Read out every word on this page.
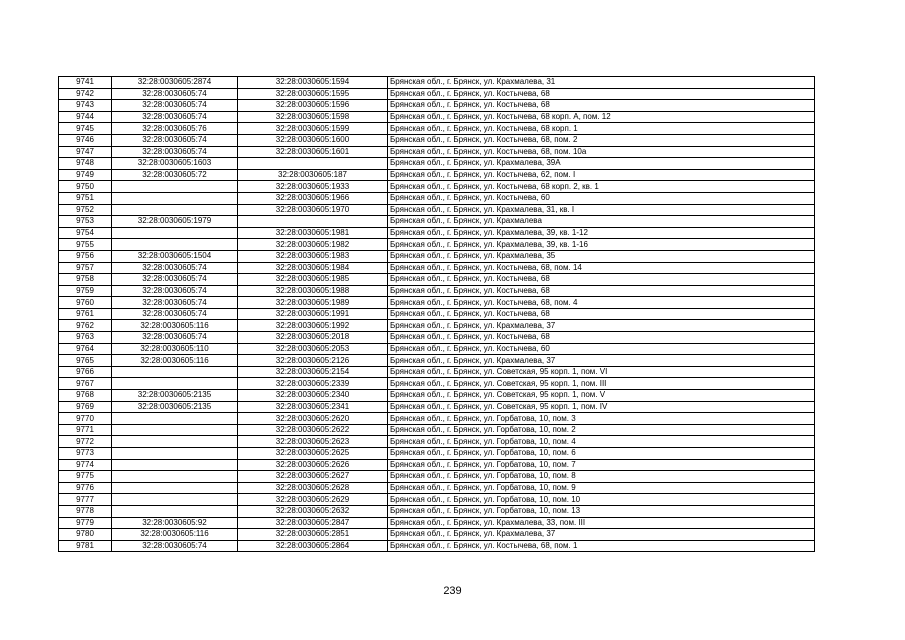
9741	32:28:0030605:2874	32:28:0030605:1594	Брянская обл., г. Брянск, ул. Крахмалева, 31
9742	32:28:0030605:74	32:28:0030605:1595	Брянская обл., г. Брянск, ул. Костычева, 68
9743	32:28:0030605:74	32:28:0030605:1596	Брянская обл., г. Брянск, ул. Костычева, 68
9744	32:28:0030605:74	32:28:0030605:1598	Брянская обл., г. Брянск, ул. Костычева, 68 корп. А, пом. 12
9745	32:28:0030605:76	32:28:0030605:1599	Брянская обл., г. Брянск, ул. Костычева, 68 корп. 1
9746	32:28:0030605:74	32:28:0030605:1600	Брянская обл., г. Брянск, ул. Костычева, 68, пом. 2
9747	32:28:0030605:74	32:28:0030605:1601	Брянская обл., г. Брянск, ул. Костычева, 68, пом. 10а
9748	32:28:0030605:1603		Брянская обл., г. Брянск, ул. Крахмалева, 39А
9749	32:28:0030605:72	32:28:0030605:187	Брянская обл., г. Брянск, ул. Костычева, 62, пом. I
9750		32:28:0030605:1933	Брянская обл., г. Брянск, ул. Костычева, 68 корп. 2, кв. 1
9751		32:28:0030605:1966	Брянская обл., г. Брянск, ул. Костычева, 60
9752		32:28:0030605:1970	Брянская обл., г. Брянск, ул. Крахмалева, 31, кв. I
9753	32:28:0030605:1979		Брянская обл., г. Брянск, ул. Крахмалева
9754		32:28:0030605:1981	Брянская обл., г. Брянск, ул. Крахмалева, 39, кв. 1-12
9755		32:28:0030605:1982	Брянская обл., г. Брянск, ул. Крахмалева, 39, кв. 1-16
9756	32:28:0030605:1504	32:28:0030605:1983	Брянская обл., г. Брянск, ул. Крахмалева, 35
9757	32:28:0030605:74	32:28:0030605:1984	Брянская обл., г. Брянск, ул. Костычева, 68, пом. 14
9758	32:28:0030605:74	32:28:0030605:1985	Брянская обл., г. Брянск, ул. Костычева, 68
9759	32:28:0030605:74	32:28:0030605:1988	Брянская обл., г. Брянск, ул. Костычева, 68
9760	32:28:0030605:74	32:28:0030605:1989	Брянская обл., г. Брянск, ул. Костычева, 68, пом. 4
9761	32:28:0030605:74	32:28:0030605:1991	Брянская обл., г. Брянск, ул. Костычева, 68
9762	32:28:0030605:116	32:28:0030605:1992	Брянская обл., г. Брянск, ул. Крахмалева, 37
9763	32:28:0030605:74	32:28:0030605:2018	Брянская обл., г. Брянск, ул. Костычева, 68
9764	32:28:0030605:110	32:28:0030605:2053	Брянская обл., г. Брянск, ул. Костычева, 60
9765	32:28:0030605:116	32:28:0030605:2126	Брянская обл., г. Брянск, ул. Крахмалева, 37
9766		32:28:0030605:2154	Брянская обл., г. Брянск, ул. Советская, 95 корп. 1, пом. VI
9767		32:28:0030605:2339	Брянская обл., г. Брянск, ул. Советская, 95 корп. 1, пом. III
9768	32:28:0030605:2135	32:28:0030605:2340	Брянская обл., г. Брянск, ул. Советская, 95 корп. 1, пом. V
9769	32:28:0030605:2135	32:28:0030605:2341	Брянская обл., г. Брянск, ул. Советская, 95 корп. 1, пом. IV
9770		32:28:0030605:2620	Брянская обл., г. Брянск, ул. Горбатова, 10, пом. 3
9771		32:28:0030605:2622	Брянская обл., г. Брянск, ул. Горбатова, 10, пом. 2
9772		32:28:0030605:2623	Брянская обл., г. Брянск, ул. Горбатова, 10, пом. 4
9773		32:28:0030605:2625	Брянская обл., г. Брянск, ул. Горбатова, 10, пом. 6
9774		32:28:0030605:2626	Брянская обл., г. Брянск, ул. Горбатова, 10, пом. 7
9775		32:28:0030605:2627	Брянская обл., г. Брянск, ул. Горбатова, 10, пом. 8
9776		32:28:0030605:2628	Брянская обл., г. Брянск, ул. Горбатова, 10, пом. 9
9777		32:28:0030605:2629	Брянская обл., г. Брянск, ул. Горбатова, 10, пом. 10
9778		32:28:0030605:2632	Брянская обл., г. Брянск, ул. Горбатова, 10, пом. 13
9779	32:28:0030605:92	32:28:0030605:2847	Брянская обл., г. Брянск, ул. Крахмалева, 33, пом. III
9780	32:28:0030605:116	32:28:0030605:2851	Брянская обл., г. Брянск, ул. Крахмалева, 37
9781	32:28:0030605:74	32:28:0030605:2864	Брянская обл., г. Брянск, ул. Костычева, 68, пом. 1
239
